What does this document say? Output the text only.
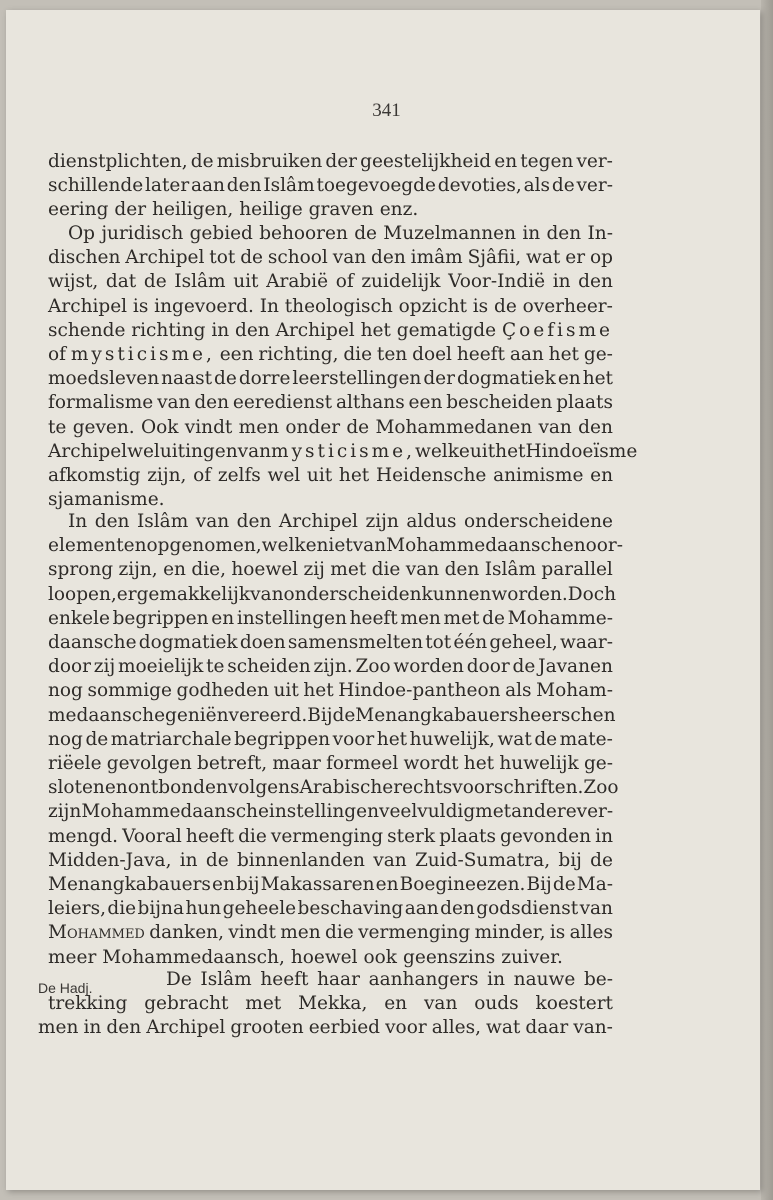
341
De Hadj.
dienstplichten, de misbruiken der geestelijkheid en tegen ver-
schillende later aan den Islâm toegevoegde devoties, als de ver-
eering der heiligen, heilige graven enz.
Op juridisch gebied behooren de Muzelmannen in den In-
dischen Archipel tot de school van den imâm Sjâfii, wat er op
wijst, dat de Islâm uit Arabië of zuidelijk Voor-Indië in den
Archipel is ingevoerd. In theologisch opzicht is de overheer-
schende richting in den Archipel het gematigde Çoefisme
of mysticisme, een richting, die ten doel heeft aan het ge-
moedsleven naast de dorre leerstellingen der dogmatiek en het
formalisme van den eeredienst althans een bescheiden plaats
te geven. Ook vindt men onder de Mohammedanen van den
Archipel wel uitingen van mysticisme, welke uit het Hindoeïsme
afkomstig zijn, of zelfs wel uit het Heidensche animisme en
sjamanisme.
In den Islâm van den Archipel zijn aldus onderscheidene
elementen opgenomen, welke niet van Mohammedaanschen oor-
sprong zijn, en die, hoewel zij met die van den Islâm parallel
loopen, er gemakkelijk van onderscheiden kunnen worden. Doch
enkele begrippen en instellingen heeft men met de Mohamme-
daansche dogmatiek doen samensmelten tot één geheel, waar-
door zij moeielijk te scheiden zijn. Zoo worden door de Javanen
nog sommige godheden uit het Hindoe-pantheon als Moham-
medaansche geniën vereerd. Bij de Menangkabauers heerschen
nog de matriarchale begrippen voor het huwelijk, wat de mate-
riëele gevolgen betreft, maar formeel wordt het huwelijk ge-
sloten en ontbonden volgens Arabische rechtsvoorschriften. Zoo
zijn Mohammedaansche instellingen veelvuldig met andere ver-
mengd. Vooral heeft die vermenging sterk plaats gevonden in
Midden-Java, in de binnenlanden van Zuid-Sumatra, bij de
Menangkabauers en bij Makassaren en Boegineezen. Bij de Ma-
leiers, die bijna hun geheele beschaving aan den godsdienst van
Mohammed danken, vindt men die vermenging minder, is alles
meer Mohammedaansch, hoewel ook geenszins zuiver.
De Islâm heeft haar aanhangers in nauwe be-
trekking gebracht met Mekka, en van ouds koestert
men in den Archipel grooten eerbied voor alles, wat daar van-
